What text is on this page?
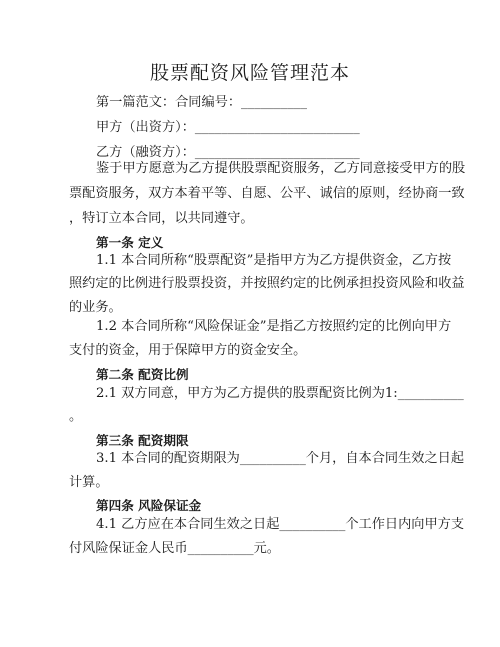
股票配资风险管理范本
第一篇范文：合同编号：__________
甲方（出资方）：_________________________
乙方（融资方）：_________________________
鉴于甲方愿意为乙方提供股票配资服务，乙方同意接受甲方的股
票配资服务，双方本着平等、自愿、公平、诚信的原则，经协商一致
，特订立本合同，以共同遵守。
第一条 定义
1.1 本合同所称“股票配资”是指甲方为乙方提供资金，乙方按
照约定的比例进行股票投资，并按照约定的比例承担投资风险和收益
的业务。
1.2 本合同所称“风险保证金”是指乙方按照约定的比例向甲方
支付的资金，用于保障甲方的资金安全。
第二条 配资比例
2.1 双方同意，甲方为乙方提供的股票配资比例为1:__________
。
第三条 配资期限
3.1 本合同的配资期限为__________个月，自本合同生效之日起
计算。
第四条 风险保证金
4.1 乙方应在本合同生效之日起__________个工作日内向甲方支
付风险保证金人民币__________元。
